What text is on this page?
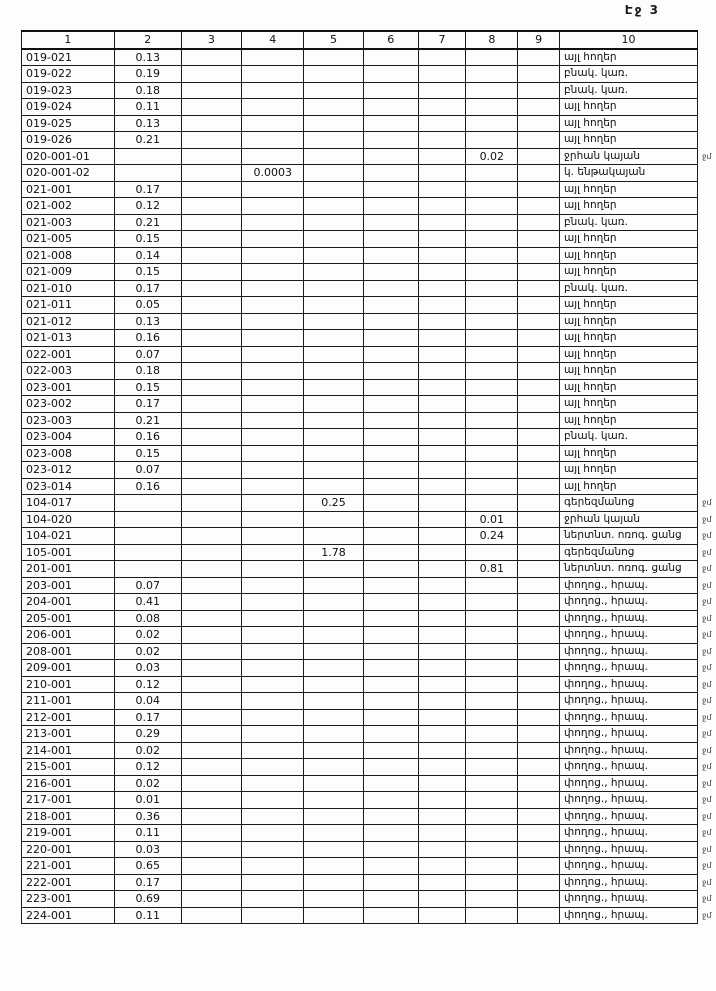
Էջ 3
1	2	3	4	5	6	7	8	9	10	
019-021	0.13								այլ հողեր	
019-022	0.19								բնակ. կառ.	
019-023	0.18								բնակ. կառ.	
019-024	0.11								այլ հողեր	
019-025	0.13								այլ հողեր	
019-026	0.21								այլ հողեր	
020-001-01							0.02		ջրհան կայան	ջմ
020-001-02			0.0003						կ. ենթակայան	
021-001	0.17								այլ հողեր	
021-002	0.12								այլ հողեր	
021-003	0.21								բնակ. կառ.	
021-005	0.15								այլ հողեր	
021-008	0.14								այլ հողեր	
021-009	0.15								այլ հողեր	
021-010	0.17								բնակ. կառ.	
021-011	0.05								այլ հողեր	
021-012	0.13								այլ հողեր	
021-013	0.16								այլ հողեր	
022-001	0.07								այլ հողեր	
022-003	0.18								այլ հողեր	
023-001	0.15								այլ հողեր	
023-002	0.17								այլ հողեր	
023-003	0.21								այլ հողեր	
023-004	0.16								բնակ. կառ.	
023-008	0.15								այլ հողեր	
023-012	0.07								այլ հողեր	
023-014	0.16								այլ հողեր	
104-017				0.25					գերեզմանոց	ջմ
104-020							0.01		ջրհան կայան	ջմ
104-021							0.24		ներտնտ. ոռոգ. ցանց	ջմ
105-001				1.78					գերեզմանոց	ջմ
201-001							0.81		ներտնտ. ոռոգ. ցանց	ջմ
203-001	0.07								փողոց., հրապ.	ջմ
204-001	0.41								փողոց., հրապ.	ջմ
205-001	0.08								փողոց., հրապ.	ջմ
206-001	0.02								փողոց., հրապ.	ջմ
208-001	0.02								փողոց., հրապ.	ջմ
209-001	0.03								փողոց., հրապ.	ջմ
210-001	0.12								փողոց., հրապ.	ջմ
211-001	0.04								փողոց., հրապ.	ջմ
212-001	0.17								փողոց., հրապ.	ջմ
213-001	0.29								փողոց., հրապ.	ջմ
214-001	0.02								փողոց., հրապ.	ջմ
215-001	0.12								փողոց., հրապ.	ջմ
216-001	0.02								փողոց., հրապ.	ջմ
217-001	0.01								փողոց., հրապ.	ջմ
218-001	0.36								փողոց., հրապ.	ջմ
219-001	0.11								փողոց., հրապ.	ջմ
220-001	0.03								փողոց., հրապ.	ջմ
221-001	0.65								փողոց., հրապ.	ջմ
222-001	0.17								փողոց., հրապ.	ջմ
223-001	0.69								փողոց., հրապ.	ջմ
224-001	0.11								փողոց., հրապ.	ջմ
